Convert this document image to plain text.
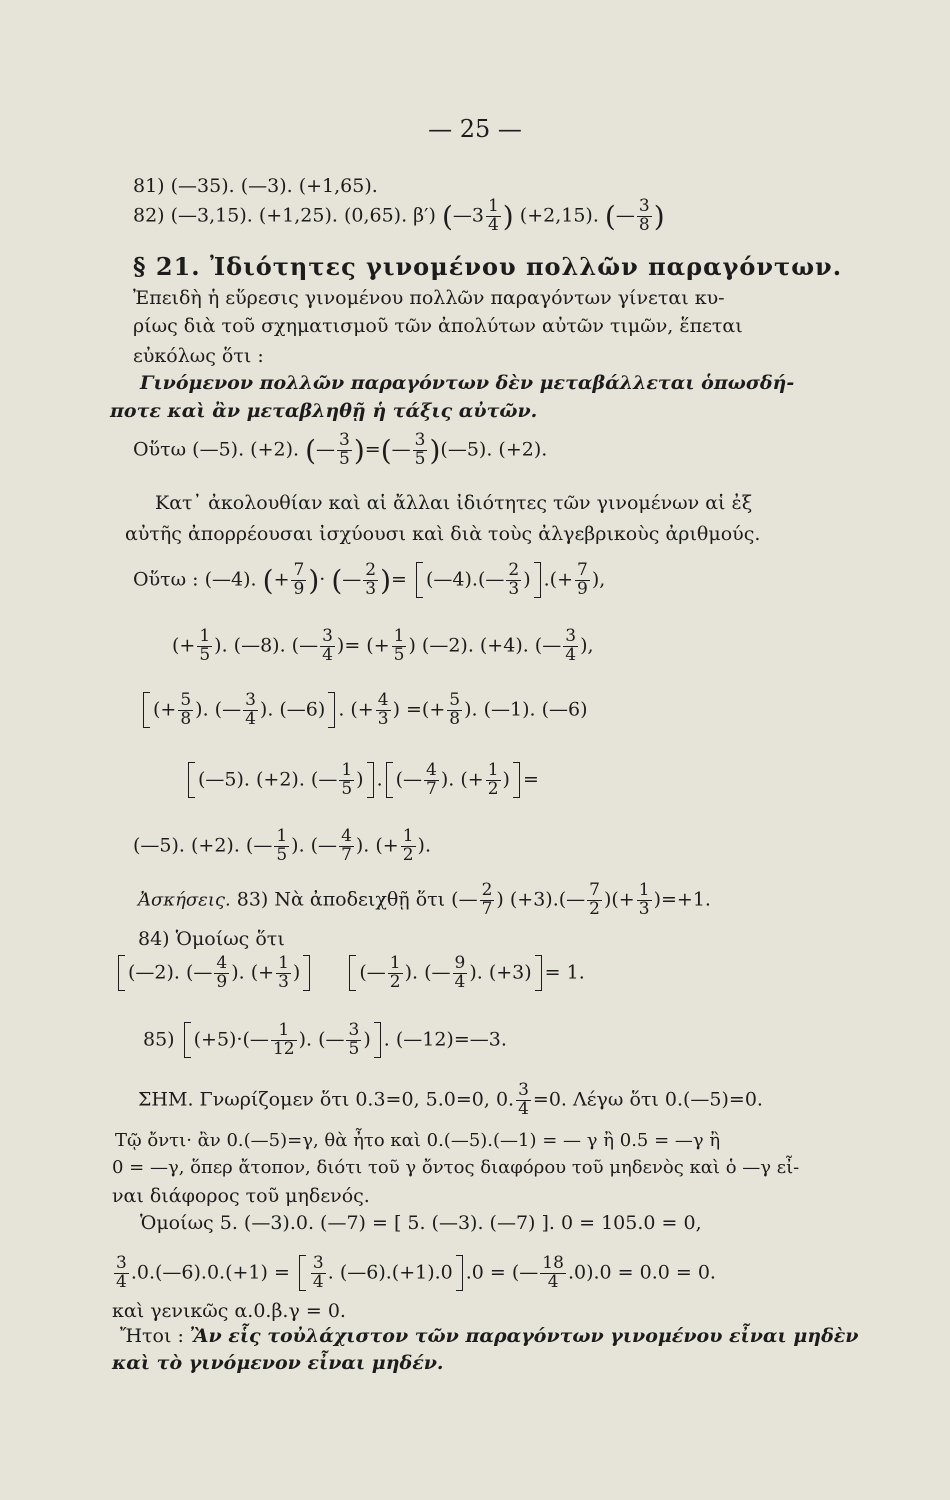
— 25 —
81) (—35). (—3). (+1,65).
82) (—3,15). (+1,25). (0,65). β′) (—3 $\frac{1}{4}$ ) (+2,15). (— $\frac{3}{8}$ )
§ 21. Ἰδιότητες γινομένου πολλῶν παραγόντων.
Ἐπειδὴ ἡ εὕρεσις γινομένου πολλῶν παραγόντων γίνεται κυ-
ρίως διὰ τοῦ σχηματισμοῦ τῶν ἀπολύτων αὐτῶν τιμῶν, ἕπεται
εὐκόλως ὅτι :
Γινόμενον πολλῶν παραγόντων δὲν μεταβάλλεται ὁπωσδή-
ποτε καὶ ἂν μεταβληθῇ ἡ τάξις αὐτῶν.
Οὕτω (—5). (+2). (— $\frac{3}{5}$ )=(— $\frac{3}{5}$ )(—5). (+2).
Κατ᾽ ἀκολουθίαν καὶ αἱ ἄλλαι ἰδιότητες τῶν γινομένων αἱ ἐξ
αὐτῆς ἀπορρέουσαι ἰσχύουσι καὶ διὰ τοὺς ἀλγεβρικοὺς ἀριθμούς.
Οὕτω : (—4). (+ $\frac{7}{9}$ )· (— $\frac{2}{3}$ )= (—4).(— $\frac{2}{3}$ ) .(+ $\frac{7}{9}$ ),
(+ $\frac{1}{5}$ ). (—8). (— $\frac{3}{4}$ )= (+ $\frac{1}{5}$ ) (—2). (+4). (— $\frac{3}{4}$ ),
(+ $\frac{5}{8}$ ). (— $\frac{3}{4}$ ). (—6) . (+ $\frac{4}{3}$ ) =(+ $\frac{5}{8}$ ). (—1). (—6)
(—5). (+2). (— $\frac{1}{5}$ ) . (— $\frac{4}{7}$ ). (+ $\frac{1}{2}$ ) =
(—5). (+2). (— $\frac{1}{5}$ ). (— $\frac{4}{7}$ ). (+ $\frac{1}{2}$ ).
Ἀσκήσεις. 83) Νὰ ἀποδειχθῇ ὅτι (— $\frac{2}{7}$ ) (+3).(— $\frac{7}{2}$ )(+ $\frac{1}{3} )=+1$.
84) Ὁμοίως ὅτι
(—2). (— $\frac{4}{9}$ ). (+ $\frac{1}{3}$ )	(— $\frac{1}{2}$ ). (— $\frac{9}{4}$ ). (+3) = 1.
85) (+5)·(— $\frac{1}{12}$ ). (— $\frac{3}{5}$ ) . (—12)=—3.
ΣΗΜ. Γνωρίζομεν ὅτι 0.3=0, 5.0=0, 0. $\frac{3}{4} =0$. Λέγω ὅτι 0.(—5)=0.
Τῷ ὄντι· ἂν 0.(—5)=γ, θὰ ἦτο καὶ 0.(—5).(—1) = — γ ἢ 0.5 = —γ ἢ
0 = —γ, ὅπερ ἄτοπον, διότι τοῦ γ ὄντος διαφόρου τοῦ μηδενὸς καὶ ὁ —γ εἶ-
ναι διάφορος τοῦ μηδενός.
Ὁμοίως 5. (—3).0. (—7) = [ 5. (—3). (—7) ]. 0 = 105.0 = 0,
$\frac{3}{4}$ .0.(—6).0.(+1) = $\frac{3}{4}$ . (—6).(+1).0 .0 = (— $\frac{18}{4} .0).0 = 0.0 = 0$.
καὶ γενικῶς α.0.β.γ = 0.
Ἤτοι : Ἂν εἷς τοὐλάχιστον τῶν παραγόντων γινομένου εἶναι μηδὲν
καὶ τὸ γινόμενον εἶναι μηδέν.
